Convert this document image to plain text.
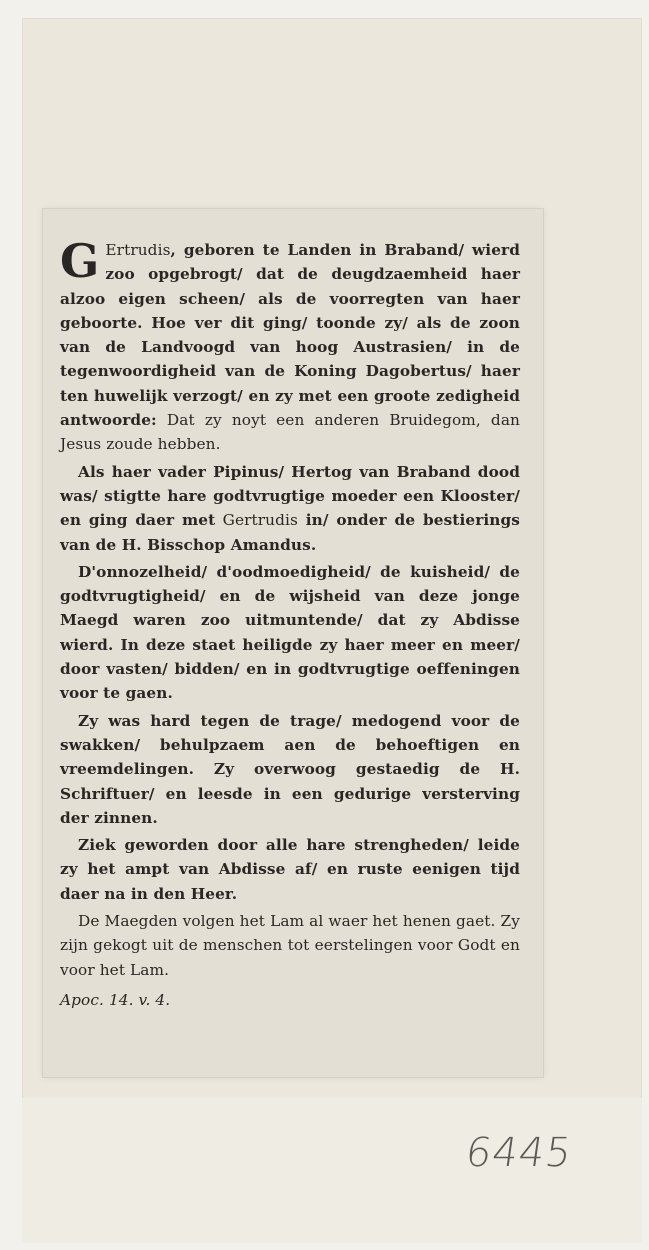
G Ertrudis, geboren te Landen in Braband/ wierd zoo opgebrogt/ dat de deugdzaemheid haer alzoo eigen scheen/ als de voorregten van haer geboorte. Hoe ver dit ging/ toonde zy/ als de zoon van de Landvoogd van hoog Austrasien/ in de tegenwoordigheid van de Koning Dagobertus/ haer ten huwelijk verzogt/ en zy met een groote zedigheid antwoorde: Dat zy noyt een anderen Bruidegom, dan Jesus zoude hebben.

Als haer vader Pipinus/ Hertog van Braband dood was/ stigtte hare godtvrugtige moeder een Klooster/ en ging daer met Gertrudis in/ onder de bestierings van de H. Bisschop Amandus.

D'onnozelheid/ d'oodmoedigheid/ de kuisheid/ de godtvrugtigheid/ en de wijsheid van deze jonge Maegd waren zoo uitmuntende/ dat zy Abdisse wierd. In deze staet heiligde zy haer meer en meer/ door vasten/ bidden/ en in godtvrugtige oeffeningen voor te gaen.

Zy was hard tegen de trage/ medogend voor de swakken/ behulpzaem aen de behoeftigen en vreemdelingen. Zy overwoog gestaedig de H. Schriftuer/ en leesde in een gedurige versterving der zinnen.

Ziek geworden door alle hare strengheden/ leide zy het ampt van Abdisse af/ en ruste eenigen tijd daer na in den Heer.

De Maegden volgen het Lam al waer het henen gaet. Zy zijn gekogt uit de menschen tot eerstelingen voor Godt en voor het Lam.

Apoc. 14. v. 4.

6445
